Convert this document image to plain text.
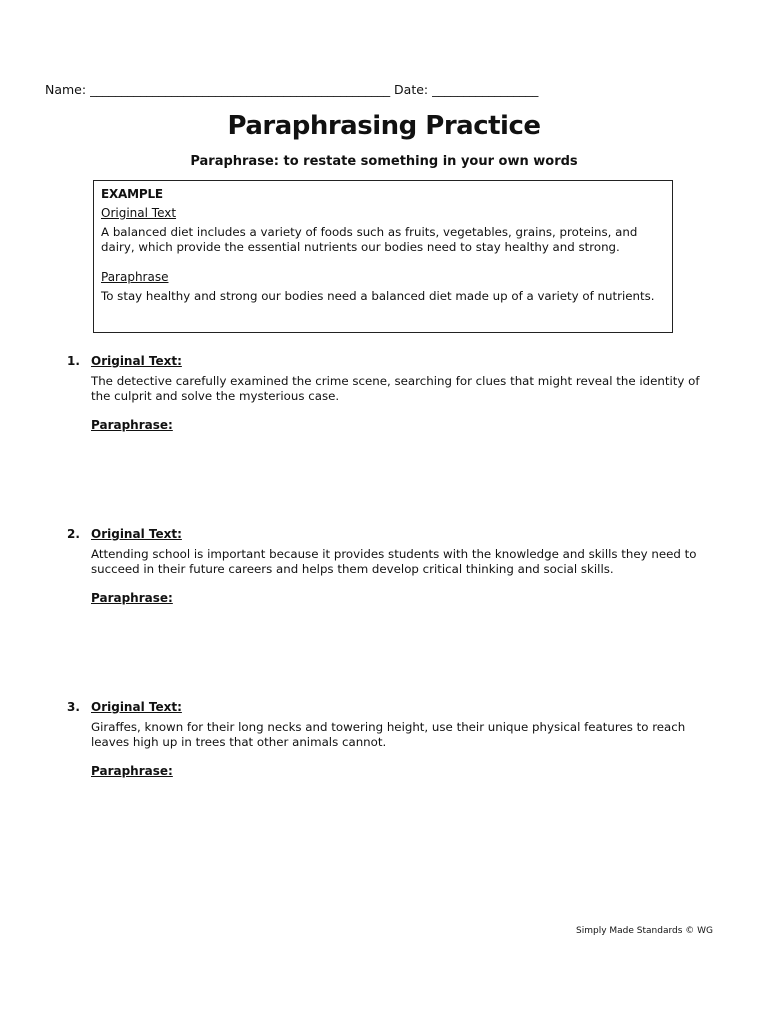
Name: ________________________________________________ Date: _________________
Paraphrasing Practice
Paraphrase: to restate something in your own words
EXAMPLE
Original Text
A balanced diet includes a variety of foods such as fruits, vegetables, grains, proteins, and dairy, which provide the essential nutrients our bodies need to stay healthy and strong.
Paraphrase
To stay healthy and strong our bodies need a balanced diet made up of a variety of nutrients.
1. Original Text:
The detective carefully examined the crime scene, searching for clues that might reveal the identity of the culprit and solve the mysterious case.
Paraphrase:
2. Original Text:
Attending school is important because it provides students with the knowledge and skills they need to succeed in their future careers and helps them develop critical thinking and social skills.
Paraphrase:
3. Original Text:
Giraffes, known for their long necks and towering height, use their unique physical features to reach leaves high up in trees that other animals cannot.
Paraphrase:
Simply Made Standards © WG
